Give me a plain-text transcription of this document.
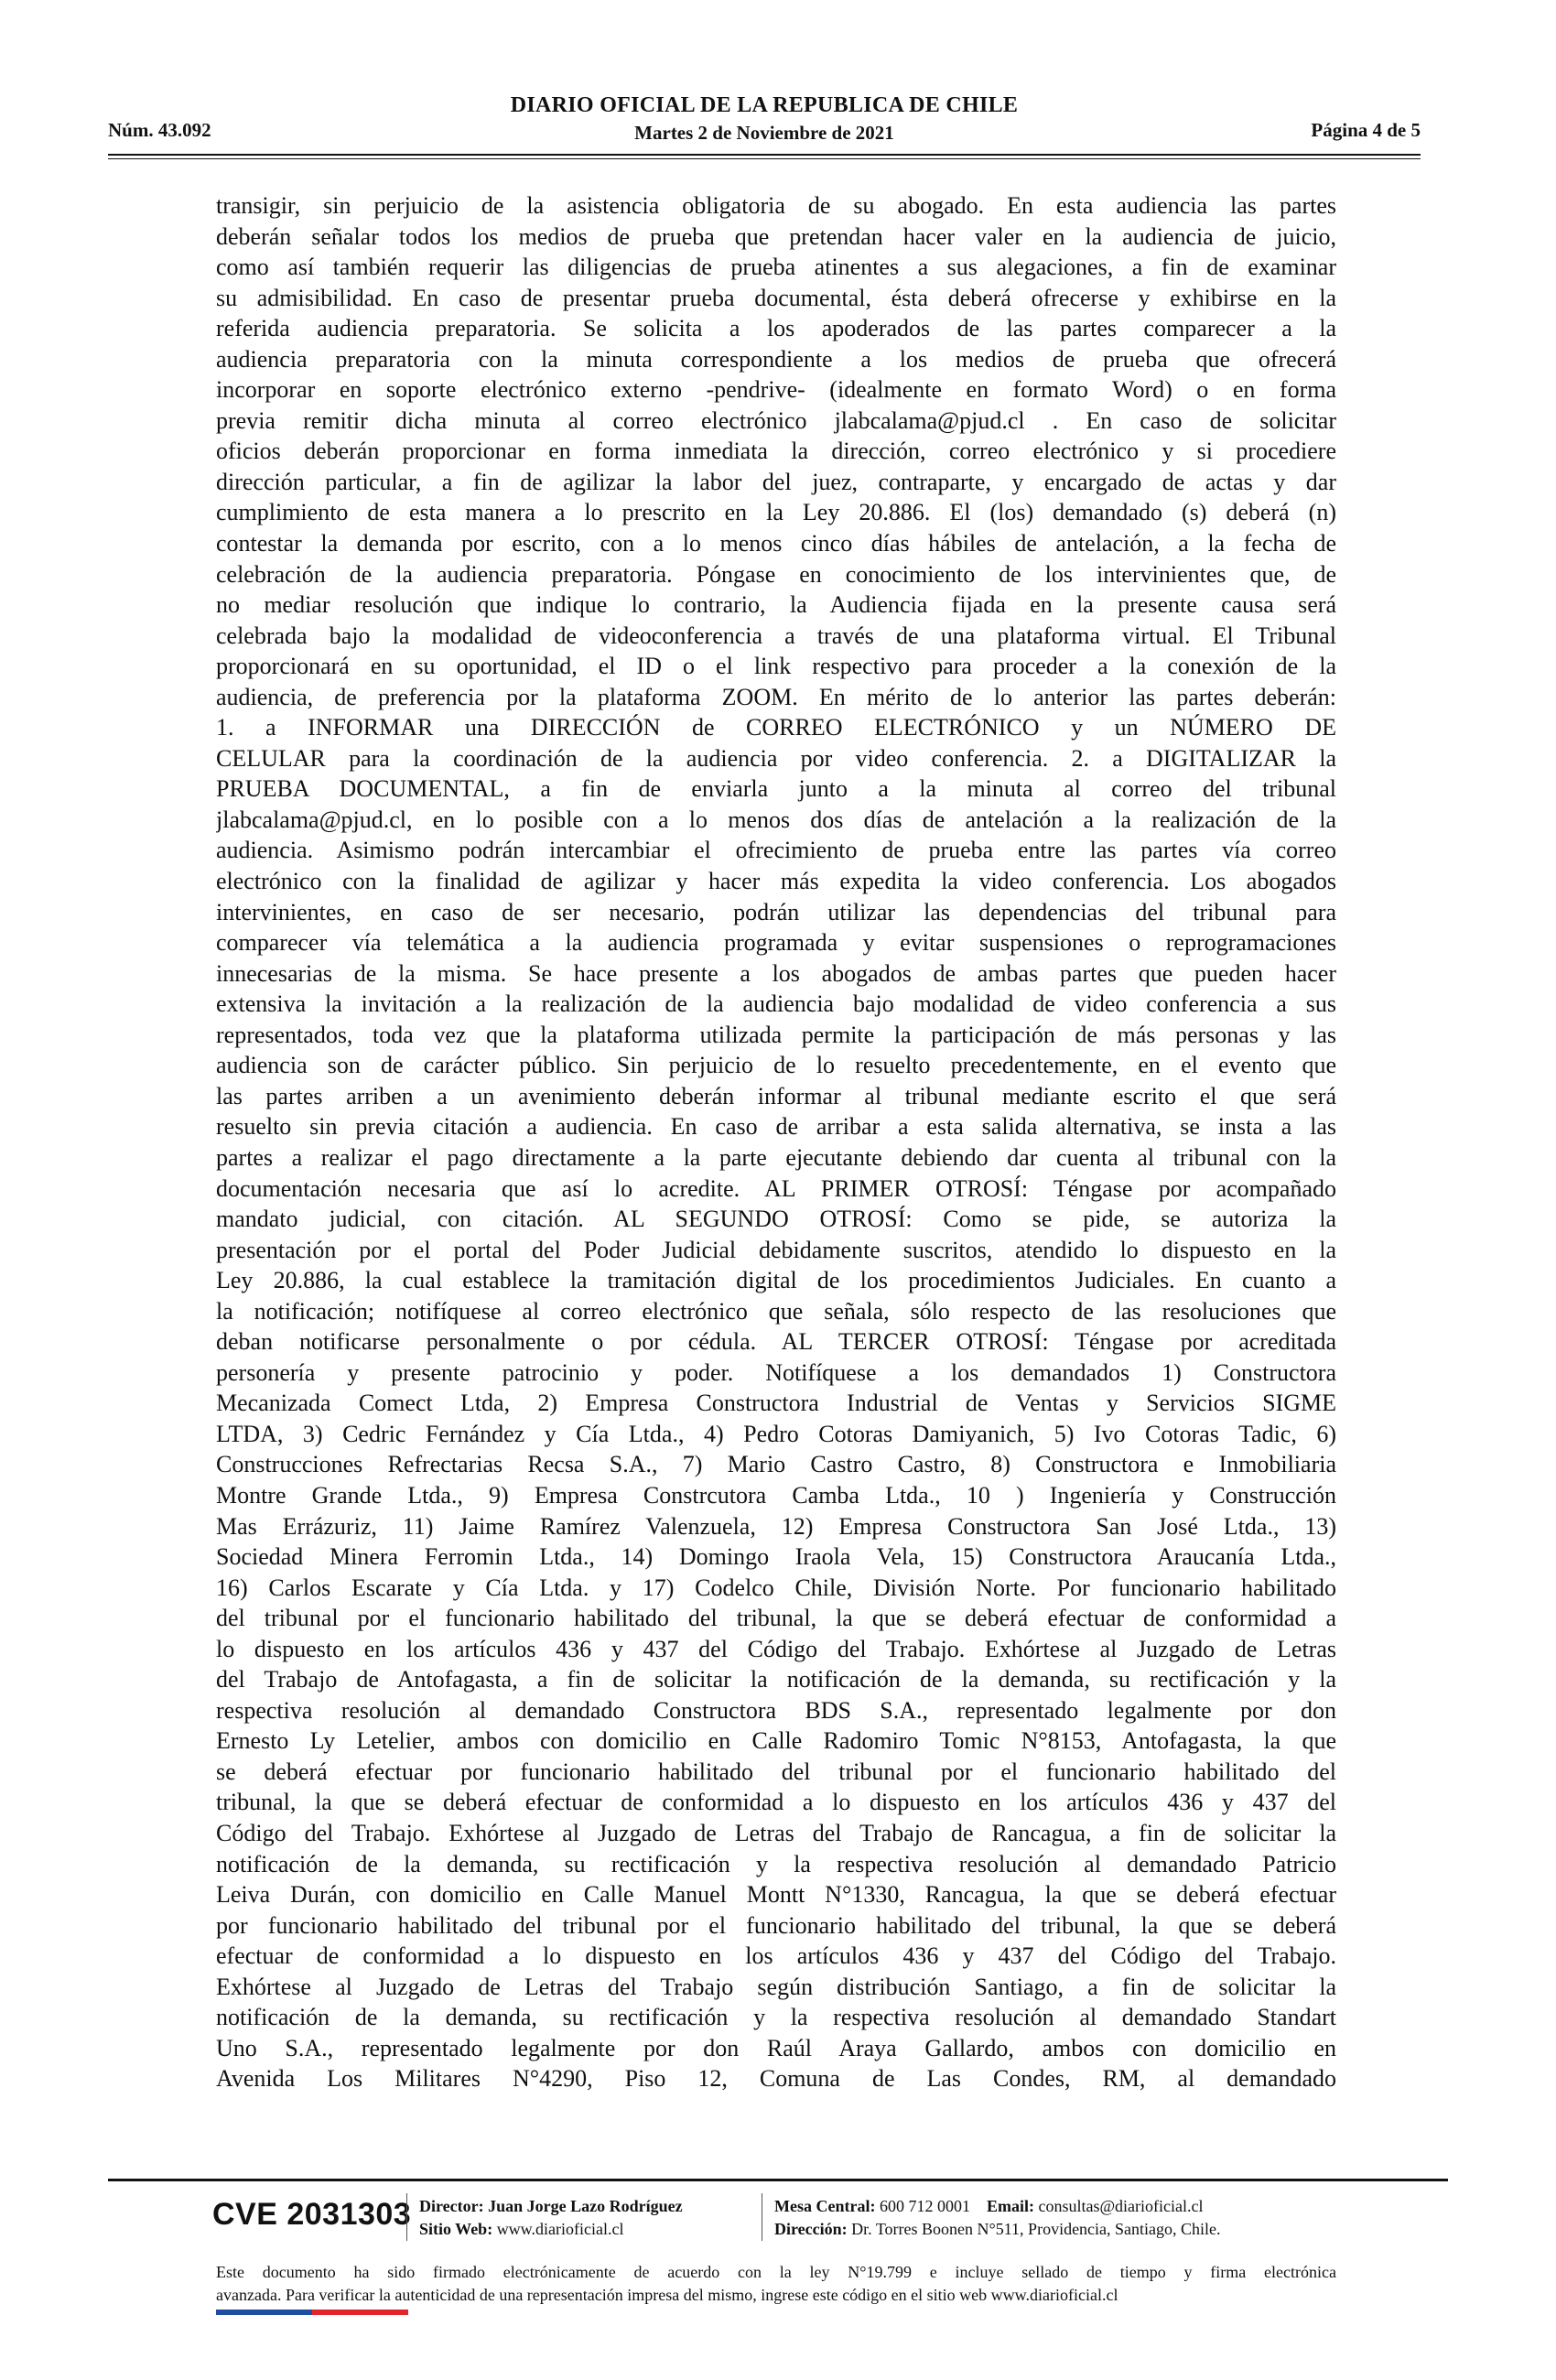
DIARIO OFICIAL DE LA REPUBLICA DE CHILE
Martes 2 de Noviembre de 2021
Núm. 43.092	Página 4 de 5
transigir, sin perjuicio de la asistencia obligatoria de su abogado. En esta audiencia las partes
deberán señalar todos los medios de prueba que pretendan hacer valer en la audiencia de juicio,
como así también requerir las diligencias de prueba atinentes a sus alegaciones, a fin de examinar
su admisibilidad. En caso de presentar prueba documental, ésta deberá ofrecerse y exhibirse en la
referida audiencia preparatoria. Se solicita a los apoderados de las partes comparecer a la
audiencia preparatoria con la minuta correspondiente a los medios de prueba que ofrecerá
incorporar en soporte electrónico externo -pendrive- (idealmente en formato Word) o en forma
previa remitir dicha minuta al correo electrónico jlabcalama@pjud.cl . En caso de solicitar
oficios deberán proporcionar en forma inmediata la dirección, correo electrónico y si procediere
dirección particular, a fin de agilizar la labor del juez, contraparte, y encargado de actas y dar
cumplimiento de esta manera a lo prescrito en la Ley 20.886. El (los) demandado (s) deberá (n)
contestar la demanda por escrito, con a lo menos cinco días hábiles de antelación, a la fecha de
celebración de la audiencia preparatoria. Póngase en conocimiento de los intervinientes que, de
no mediar resolución que indique lo contrario, la Audiencia fijada en la presente causa será
celebrada bajo la modalidad de videoconferencia a través de una plataforma virtual. El Tribunal
proporcionará en su oportunidad, el ID o el link respectivo para proceder a la conexión de la
audiencia, de preferencia por la plataforma ZOOM. En mérito de lo anterior las partes deberán:
1. a INFORMAR una DIRECCIÓN de CORREO ELECTRÓNICO y un NÚMERO DE
CELULAR para la coordinación de la audiencia por video conferencia. 2. a DIGITALIZAR la
PRUEBA DOCUMENTAL, a fin de enviarla junto a la minuta al correo del tribunal
jlabcalama@pjud.cl, en lo posible con a lo menos dos días de antelación a la realización de la
audiencia. Asimismo podrán intercambiar el ofrecimiento de prueba entre las partes vía correo
electrónico con la finalidad de agilizar y hacer más expedita la video conferencia. Los abogados
intervinientes, en caso de ser necesario, podrán utilizar las dependencias del tribunal para
comparecer vía telemática a la audiencia programada y evitar suspensiones o reprogramaciones
innecesarias de la misma. Se hace presente a los abogados de ambas partes que pueden hacer
extensiva la invitación a la realización de la audiencia bajo modalidad de video conferencia a sus
representados, toda vez que la plataforma utilizada permite la participación de más personas y las
audiencia son de carácter público. Sin perjuicio de lo resuelto precedentemente, en el evento que
las partes arriben a un avenimiento deberán informar al tribunal mediante escrito el que será
resuelto sin previa citación a audiencia. En caso de arribar a esta salida alternativa, se insta a las
partes a realizar el pago directamente a la parte ejecutante debiendo dar cuenta al tribunal con la
documentación necesaria que así lo acredite. AL PRIMER OTROSÍ: Téngase por acompañado
mandato judicial, con citación. AL SEGUNDO OTROSÍ: Como se pide, se autoriza la
presentación por el portal del Poder Judicial debidamente suscritos, atendido lo dispuesto en la
Ley 20.886, la cual establece la tramitación digital de los procedimientos Judiciales. En cuanto a
la notificación; notifíquese al correo electrónico que señala, sólo respecto de las resoluciones que
deban notificarse personalmente o por cédula. AL TERCER OTROSÍ: Téngase por acreditada
personería y presente patrocinio y poder. Notifíquese a los demandados 1) Constructora
Mecanizada Comect Ltda, 2) Empresa Constructora Industrial de Ventas y Servicios SIGME
LTDA, 3) Cedric Fernández y Cía Ltda., 4) Pedro Cotoras Damiyanich, 5) Ivo Cotoras Tadic, 6)
Construcciones Refrectarias Recsa S.A., 7) Mario Castro Castro, 8) Constructora e Inmobiliaria
Montre Grande Ltda., 9) Empresa Constrcutora Camba Ltda., 10 ) Ingeniería y Construcción
Mas Errázuriz, 11) Jaime Ramírez Valenzuela, 12) Empresa Constructora San José Ltda., 13)
Sociedad Minera Ferromin Ltda., 14) Domingo Iraola Vela, 15) Constructora Araucanía Ltda.,
16) Carlos Escarate y Cía Ltda. y 17) Codelco Chile, División Norte. Por funcionario habilitado
del tribunal por el funcionario habilitado del tribunal, la que se deberá efectuar de conformidad a
lo dispuesto en los artículos 436 y 437 del Código del Trabajo. Exhórtese al Juzgado de Letras
del Trabajo de Antofagasta, a fin de solicitar la notificación de la demanda, su rectificación y la
respectiva resolución al demandado Constructora BDS S.A., representado legalmente por don
Ernesto Ly Letelier, ambos con domicilio en Calle Radomiro Tomic N°8153, Antofagasta, la que
se deberá efectuar por funcionario habilitado del tribunal por el funcionario habilitado del
tribunal, la que se deberá efectuar de conformidad a lo dispuesto en los artículos 436 y 437 del
Código del Trabajo. Exhórtese al Juzgado de Letras del Trabajo de Rancagua, a fin de solicitar la
notificación de la demanda, su rectificación y la respectiva resolución al demandado Patricio
Leiva Durán, con domicilio en Calle Manuel Montt N°1330, Rancagua, la que se deberá efectuar
por funcionario habilitado del tribunal por el funcionario habilitado del tribunal, la que se deberá
efectuar de conformidad a lo dispuesto en los artículos 436 y 437 del Código del Trabajo.
Exhórtese al Juzgado de Letras del Trabajo según distribución Santiago, a fin de solicitar la
notificación de la demanda, su rectificación y la respectiva resolución al demandado Standart
Uno S.A., representado legalmente por don Raúl Araya Gallardo, ambos con domicilio en
Avenida Los Militares N°4290, Piso 12, Comuna de Las Condes, RM, al demandado
CVE 2031303 Director: Juan Jorge Lazo Rodríguez
Sitio Web: www.diarioficial.cl
Mesa Central: 600 712 0001 Email: consultas@diarioficial.cl
Dirección: Dr. Torres Boonen N°511, Providencia, Santiago, Chile.
Este documento ha sido firmado electrónicamente de acuerdo con la ley N°19.799 e incluye sellado de tiempo y firma electrónica
avanzada. Para verificar la autenticidad de una representación impresa del mismo, ingrese este código en el sitio web www.diarioficial.cl
